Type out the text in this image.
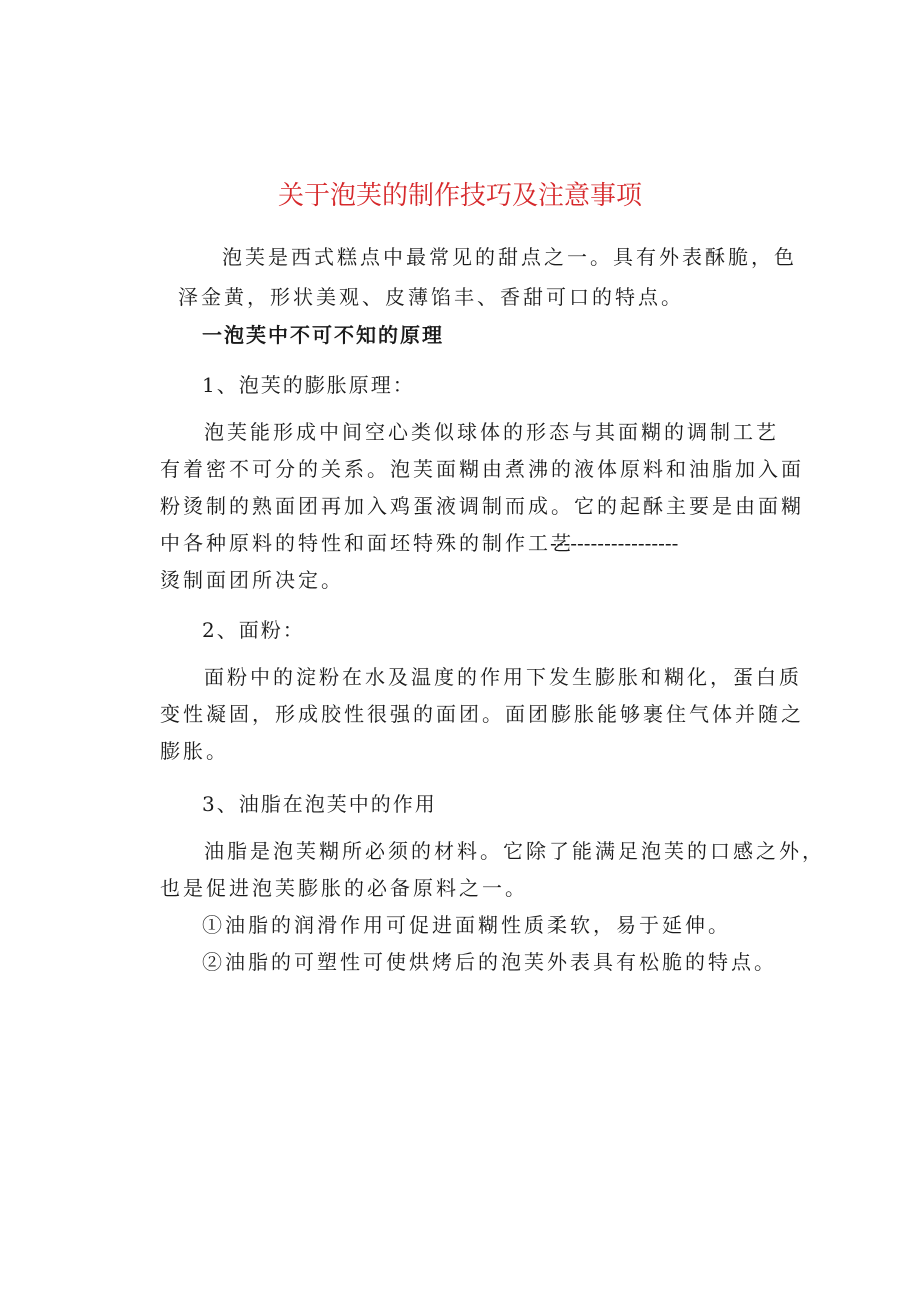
关于泡芙的制作技巧及注意事项

泡芙是西式糕点中最常见的甜点之一。具有外表酥脆，色

泽金黄，形状美观、皮薄馅丰、香甜可口的特点。

一泡芙中不可不知的原理

1、泡芙的膨胀原理：

泡芙能形成中间空心类似球体的形态与其面糊的调制工艺

有着密不可分的关系。泡芙面糊由煮沸的液体原料和油脂加入面

粉烫制的熟面团再加入鸡蛋液调制而成。它的起酥主要是由面糊

中各种原料的特性和面坯特殊的制作工艺

-------------------

烫制面团所决定。

2、面粉：

面粉中的淀粉在水及温度的作用下发生膨胀和糊化，蛋白质

变性凝固，形成胶性很强的面团。面团膨胀能够裹住气体并随之

膨胀。

3、油脂在泡芙中的作用

油脂是泡芙糊所必须的材料。它除了能满足泡芙的口感之外，

也是促进泡芙膨胀的必备原料之一。

①油脂的润滑作用可促进面糊性质柔软，易于延伸。

②油脂的可塑性可使烘烤后的泡芙外表具有松脆的特点。
